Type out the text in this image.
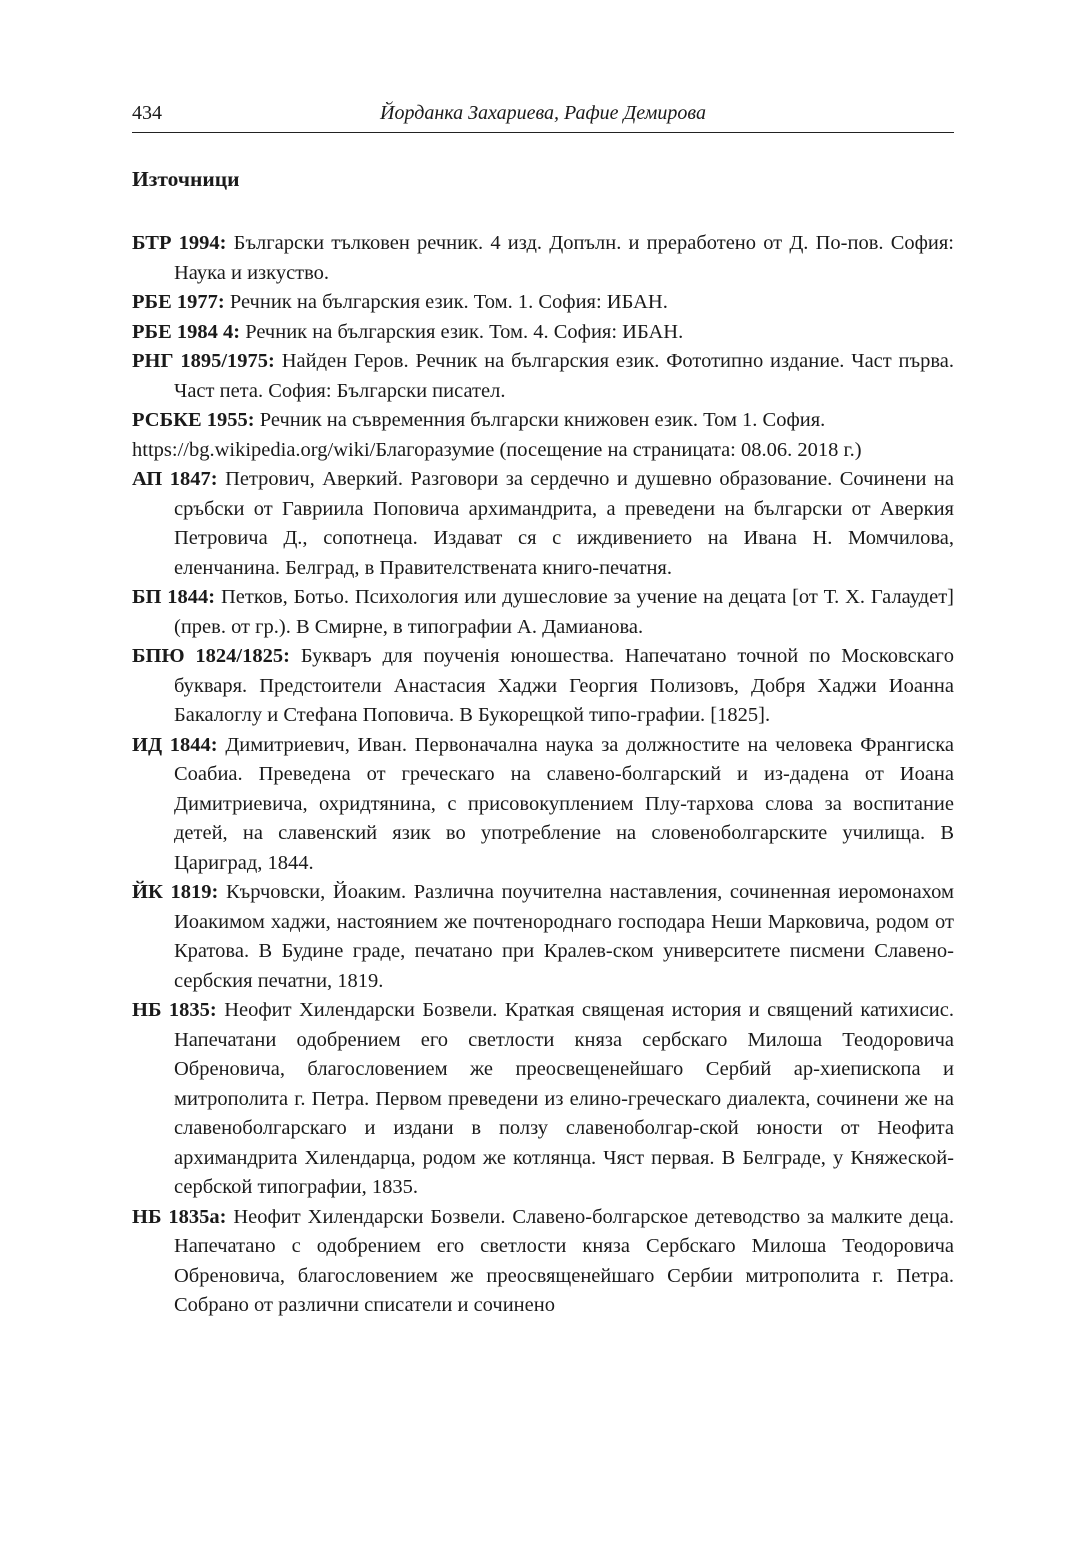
434	Йорданка Захариева, Рафие Демирова
Източници
БТР 1994: Български тълковен речник. 4 изд. Допълн. и преработено от Д. По-пов. София: Наука и изкуство.
РБЕ 1977: Речник на българския език. Том. 1. София: ИБАН.
РБЕ 1984 4: Речник на българския език. Том. 4. София: ИБАН.
РНГ 1895/1975: Найден Геров. Речник на българския език. Фототипно издание. Част първа. Част пета. София: Български писател.
РСБКЕ 1955: Речник на съвременния български книжовен език. Том 1. София.
https://bg.wikipedia.org/wiki/Благоразумие (посещение на страницата: 08.06. 2018 г.)
АП 1847: Петрович, Аверкий. Разговори за сердечно и душевно образование. Сочинени на сръбски от Гавриила Поповича архимандрита, а преведени на български от Аверкия Петровича Д., сопотнеца. Издават ся с иждивението на Ивана Н. Момчилова, еленчанина. Белград, в Правителствената книго-печатня.
БП 1844: Петков, Ботьо. Психология или душесловие за учение на децата [от Т. Х. Галаудет] (прев. от гр.). В Смирне, в типографии А. Дамианова.
БПЮ 1824/1825: Букваръ для поученія юношества. Напечатано точной по Московскагo букваря. Предстоители Анастасия Хаджи Георгия Полизовъ, Добря Хаджи Иоанна Бакалоглу и Стефана Поповича. В Букорещкой типо-графии. [1825].
ИД 1844: Димитриевич, Иван. Первоначална наука за должностите на человека Франгиска Соабиа. Преведена от греческаго на славено-болгарский и из-дадена от Иоана Димитриевича, охридтянина, с присовокуплением Плу-тархова слова за воспитание детей, на славенский язик во употребление на словеноболгарските училища. В Цариград, 1844.
ЙК 1819: Кърчовски, Йоаким. Различна поучителна наставления, сочиненная иеромонахом Иоакимом хаджи, настоянием же почтенороднаго господара Неши Марковича, родом от Кратова. В Будине граде, печатано при Кралев-ском университете писмени Славено-сербския печатни, 1819.
НБ 1835: Неофит Хилендарски Бозвели. Краткая священая история и священий катихисис. Напечатани одобрением его светлости княза сербскаго Милоша Теодоровича Обреновича, благословением же преосвещенейшаго Сербий ар-хиепископа и митрополита г. Петра. Первом преведени из елино-греческаго диалекта, сочинени же на славеноболгарскаго и издани в ползу славеноболгар-ской юности от Неофита архимандрита Хилендарца, родом же котлянца. Чяст первая. В Белграде, у Княжеской-сербской типографии, 1835.
НБ 1835а: Неофит Хилендарски Бозвели. Славено-болгарское детеводство за малките деца. Напечатано с одобрением его светлости княза Сербскаго Милоша Теодоровича Обреновича, благословением же преосвященейшаго Сербии митрополита г. Петра. Собрано от различни списатели и сочинено
